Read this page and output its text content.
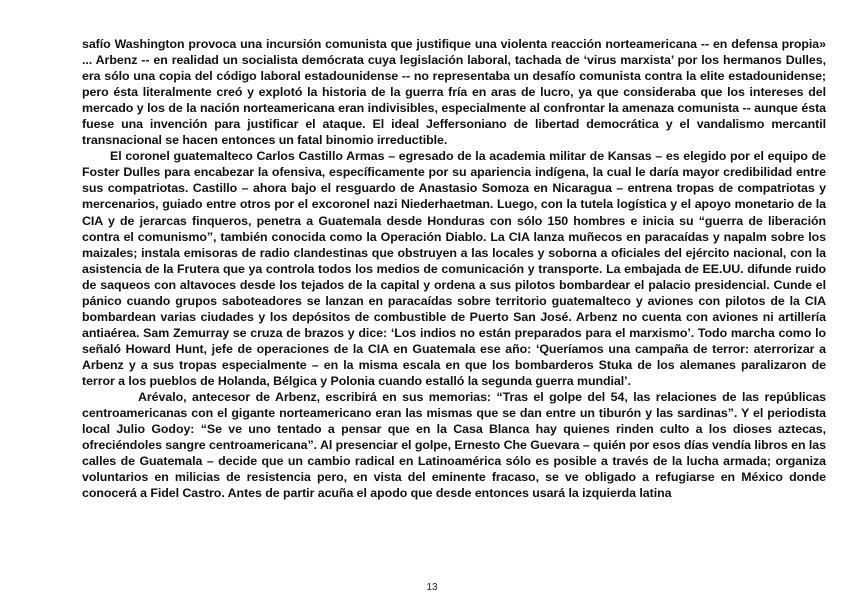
safío Washington provoca una incursión comunista que justifique una violenta reacción norteamericana -- en defensa propia» ... Arbenz -- en realidad un socialista demócrata cuya legislación laboral, tachada de ‘virus marxista’ por los hermanos Dulles, era sólo una copia del código laboral estadounidense -- no representaba un desafío comunista contra la elite estadounidense; pero ésta literalmente creó y explotó la historia de la guerra fría en aras de lucro, ya que consideraba que los intereses del mercado y los de la nación norteamericana eran indivisibles, especialmente al confrontar la amenaza comunista -- aunque ésta fuese una invención para justificar el ataque. El ideal Jeffersoniano de libertad democrática y el vandalismo mercantil transnacional se hacen entonces un fatal binomio irreductible.

El coronel guatemalteco Carlos Castillo Armas – egresado de la academia militar de Kansas – es elegido por el equipo de Foster Dulles para encabezar la ofensiva, específicamente por su apariencia indígena, la cual le daría mayor credibilidad entre sus compatriotas. Castillo – ahora bajo el resguardo de Anastasio Somoza en Nicaragua – entrena tropas de compatriotas y mercenarios, guiado entre otros por el excoronel nazi Niederhaetman. Luego, con la tutela logística y el apoyo monetario de la CIA y de jerarcas finqueros, penetra a Guatemala desde Honduras con sólo 150 hombres e inicia su “guerra de liberación contra el comunismo”, también conocida como la Operación Diablo. La CIA lanza muñecos en paracaídas y napalm sobre los maizales; instala emisoras de radio clandestinas que obstruyen a las locales y soborna a oficiales del ejército nacional, con la asistencia de la Frutera que ya controla todos los medios de comunicación y transporte. La embajada de EE.UU. difunde ruido de saqueos con altavoces desde los tejados de la capital y ordena a sus pilotos bombardear el palacio presidencial. Cunde el pánico cuando grupos saboteadores se lanzan en paracaídas sobre territorio guatemalteco y aviones con pilotos de la CIA bombardean varias ciudades y los depósitos de combustible de Puerto San José. Arbenz no cuenta con aviones ni artillería antiaérea. Sam Zemurray se cruza de brazos y dice: ‘Los indios no están preparados para el marxismo’. Todo marcha como lo señaló Howard Hunt, jefe de operaciones de la CIA en Guatemala ese año: ‘Queríamos una campaña de terror: aterrorizar a Arbenz y a sus tropas especialmente – en la misma escala en que los bombarderos Stuka de los alemanes paralizaron de terror a los pueblos de Holanda, Bélgica y Polonia cuando estalló la segunda guerra mundial’.

Arévalo, antecesor de Arbenz, escribirá en sus memorias: “Tras el golpe del 54, las relaciones de las repúblicas centroamericanas con el gigante norteamericano eran las mismas que se dan entre un tiburón y las sardinas”. Y el periodista local Julio Godoy: “Se ve uno tentado a pensar que en la Casa Blanca hay quienes rinden culto a los dioses aztecas, ofreciéndoles sangre centroamericana”. Al presenciar el golpe, Ernesto Che Guevara – quién por esos días vendía libros en las calles de Guatemala – decide que un cambio radical en Latinoamérica sólo es posible a través de la lucha armada; organiza voluntarios en milicias de resistencia pero, en vista del eminente fracaso, se ve obligado a refugiarse en México donde conocerá a Fidel Castro. Antes de partir acuña el apodo que desde entonces usará la izquierda latina

13
